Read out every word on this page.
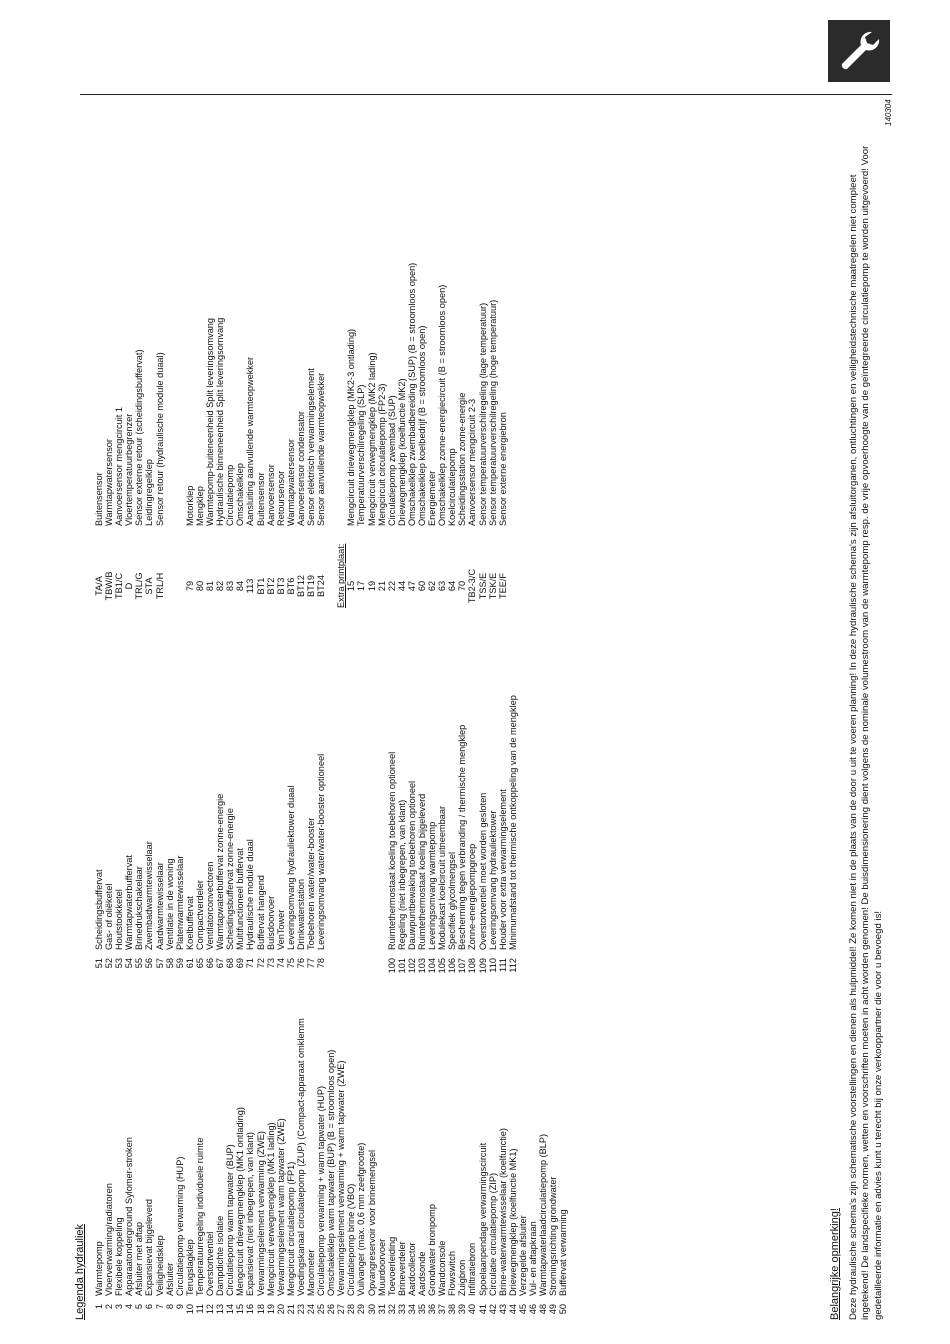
140304
Legenda hydrauliek 1
Warmtepomp
2
Vloerverwarming/radiatoren
3
Flexibele koppeling
4
Apparaatonderground Sylomer-stroken
5
Afsluiter met aftap
6
Expansievat bijgeleverd
7
Veiligheidsklep
8
Afsluiter
9
Circulatiepomp verwarming (HUP)
10
Terugslagklep
11
Temperatuurregeling individuele ruimte
12
Overstortventiel
13
Dampdichte isolatie
14
Circulatiepomp warm tapwater (BUP)
15
Mengcircuit driewegmengklep (MK1 ontlading)
16
Expansievat (niet inbegrepen, van klant)
18
Verwarmingselement verwarming (ZWE)
19
Mengcircuit verwegmengklep (MK1 lading)
20
Verwarmingselement warm tapwater (ZWE)
21
Mengcircuit circulatiepomp (FP1)
23
Voedingskanaal circulatiepomp (ZUP) (Compact-apparaat omklemm
24
Manometer
25
Circulatiepomp verwarming + warm tapwater (HUP)
26
Omschakelklep warm tapwater (BUP) (B = stroomloos open)
27
Verwarmingselement verwarming + warm tapwater (ZWE)
28
Circulatiepomp brine (VBO)
29
Vuilvanger (max. 0,6 mm zeefgrootte)
30
Opvangreservoir voor brinemengsel
31
Muurdoorvoer
32
Toevoerleiding
33
Brineverdeler
34
Aardcollector
35
Aardsonde
36
Grondwater bronpomp
37
Wandconsole
38
Flowswitch
39
Zuigbron
40
Infiltratiebron
41
Spoelaanpendage verwarmingscircuit
42
Circulatie circulatiepomp (ZIP)
43
Brine-waterwarmtewisselaar (koelfunctie)
44
Driewegmengklep (koelfunctie MK1)
45
Verzegelde afsluiter
46
Vul- en aftapkraan
48
Warmtapwaterlaadcirculatiepomp (BLP)
49
Stromingsrichting grondwater
50
Buffervat verwarming
51
Scheidingsbuffervat
52
Gas- of oliëketel
53
Houtstookketel
54
Warmtapwaterbuffervat
55
Brinedrukschakelaar
56
Zwembadwarmtewisselaar
57
Aardwarmtewisselaar
58
Ventilatie in de woning
59
Platenwarmtewisselaar
61
Koelbuffervat
65
Compactverdeler
66
Ventilatorconvectoren
67
Warmtapwaterbuffervat zonne-energie
68
Scheidingsbuffervat zonne-energie
69
Multifunctioneel buffervat
71
Hydraulische module duaal
72
Buffervat hangend
73
Buisdoorvoer
74
VenTower
75
Leveringsomvang hydrauliektower duaal
76
Drinkwaterstation
77
Toebehoren water/water-booster
78
Leveringsomvang water/water-booster optioneel
100
Ruimtethermostaat koeling toebehoren optioneel
101
Regeling (niet inbegrepen, van klant)
102
Dauwpuntbewaking toebehoren optioneel
103
Ruimtethermostaat koeling bijgeleverd
104
Leveringsomvang warmtepomp
105
Modulekast koelcircuit uitneembaar
106
Specifiek glycolmengsel
107
Bescherming tegen verbranding / thermische mengklep
108
Zonne-energiepompgroep
109
Overstortventiel moet worden gesloten
110
Leveringsomvang hydrauliektower
111
Houder voor extra verwarmingselement
112
Minimumafstand tot thermische ontkoppeling van de mengklep
TA/A
Buitensensor
TBW/B
Warmtapwatersensor
TB1/C
Aanvoersensor mengcircuit 1
D
Vloertemperatuurbegrenzer
TRL/G
Sensor externe retour (scheidingsbuffervat)
STA
Leidingregelklep
TRL/H
Sensor retour (hydraulische module duaal)
79
Motorklep
80
Mengklep
81
Warmtepomp-buiteneenheid Split leveringsomvang
82
Hydraulische binneneenheid Split leveringsomvang
83
Circulatiepomp
84
Omschakelklep
113
Aansluiting aanvullende warmteopwekker
BT1
Buitensensor
BT2
Aanvoersensor
BT3
Retoursensor
BT6
Warmtapwatersensor
BT12
Aanvoersensor condensator
BT19
Sensor elektrisch verwarmingselement
BT24
Sensor aanvullende warmteopwekker
Extra printplaat: 15
Mengcircuit driewegmengklep (MK2-3 ontlading)
17
Temperatuurverschilregeling (SLP)
19
Mengcircuit verwegmengklep (MK2 lading)
21
Mengcircuit circulatiepomp (FP2-3)
22
Circulatiepomp zwembad (SUP)
44
Driewegmengklep (koelfunctie MK2)
47
Omschakelklep zwembadbereiding (SUP) (B = stroomloos open)
60
Omschakelklep koelbedrijf (B = stroomloos open)
62
Energiemeter
63
Omschakelklep zonne-energiecircuit (B = stroomloos open)
64
Koelcirculatiepomp
70
Scheidingsstation zonne-energie
TB2-3/C
Aanvoersensor mengcircuit 2-3
TSS/E
Sensor temperatuurverschilregeling (lage temperatuur)
TSK/E
Sensor temperatuurverschilregeling (hoge temperatuur)
TEE/F
Sensor externe energiebron
Belangrijke opmerking! Deze hydraulische schema's zijn schematische voorstellingen en dienen als hulpmiddel! Ze komen niet in de plaats van de door u uit te voeren planning! In deze hydraulische schema's zijn afsluitorganen, ontluchtingen en veiligheidstechnische maatregelen niet compleet ingetekend! De landspecifieke normen, wetten en voorschriften moeten in acht worden genomen! De buisdimensionering dient volgens de nominale volumestroom van de warmtepomp resp. de vrije opvoerhoogte van de geïntegreerde circulatiepomp te worden uitgevoerd! Voor gedetailleerde informatie en advies kunt u terecht bij onze verkooppartner die voor u bevoegd is!
